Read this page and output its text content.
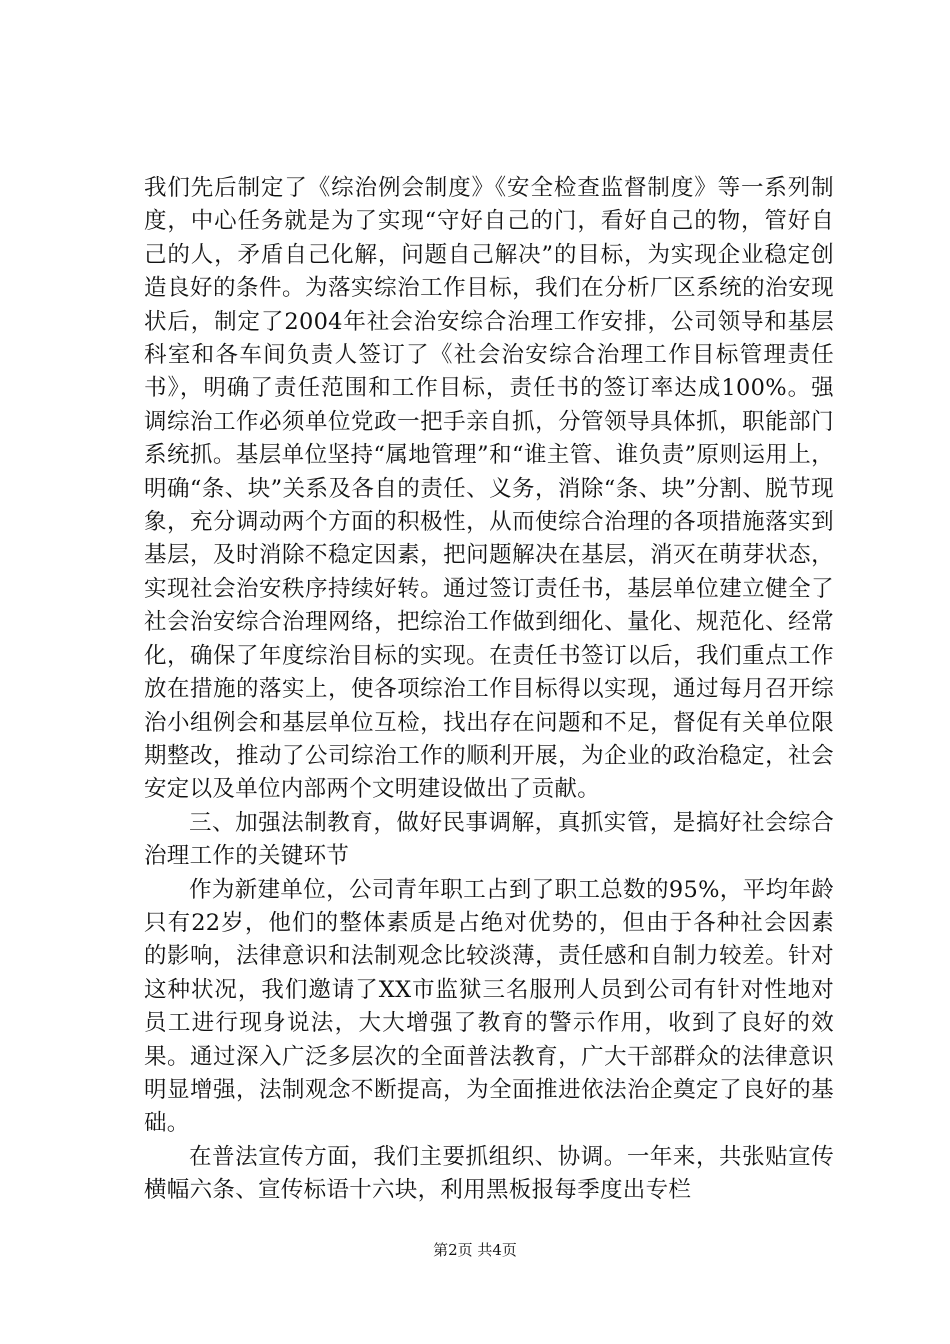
我们先后制定了《综治例会制度》《安全检查监督制度》等一系列制度，中心任务就是为了实现“守好自己的门，看好自己的物，管好自己的人，矛盾自己化解，问题自己解决”的目标，为实现企业稳定创造良好的条件。为落实综治工作目标，我们在分析厂区系统的治安现状后，制定了2004年社会治安综合治理工作安排，公司领导和基层科室和各车间负责人签订了《社会治安综合治理工作目标管理责任书》，明确了责任范围和工作目标，责任书的签订率达成100%。强调综治工作必须单位党政一把手亲自抓，分管领导具体抓，职能部门系统抓。基层单位坚持“属地管理”和“谁主管、谁负责”原则运用上，明确“条、块”关系及各自的责任、义务，消除“条、块”分割、脱节现象，充分调动两个方面的积极性，从而使综合治理的各项措施落实到基层，及时消除不稳定因素，把问题解决在基层，消灭在萌芽状态，实现社会治安秩序持续好转。通过签订责任书，基层单位建立健全了社会治安综合治理网络，把综治工作做到细化、量化、规范化、经常化，确保了年度综治目标的实现。在责任书签订以后，我们重点工作放在措施的落实上，使各项综治工作目标得以实现，通过每月召开综治小组例会和基层单位互检，找出存在问题和不足，督促有关单位限期整改，推动了公司综治工作的顺利开展，为企业的政治稳定，社会安定以及单位内部两个文明建设做出了贡献。

三、加强法制教育，做好民事调解，真抓实管，是搞好社会综合治理工作的关键环节

作为新建单位，公司青年职工占到了职工总数的95%，平均年龄只有22岁，他们的整体素质是占绝对优势的，但由于各种社会因素的影响，法律意识和法制观念比较淡薄，责任感和自制力较差。针对这种状况，我们邀请了XX市监狱三名服刑人员到公司有针对性地对员工进行现身说法，大大增强了教育的警示作用，收到了良好的效果。通过深入广泛多层次的全面普法教育，广大干部群众的法律意识明显增强，法制观念不断提高，为全面推进依法治企奠定了良好的基础。

在普法宣传方面，我们主要抓组织、协调。一年来，共张贴宣传横幅六条、宣传标语十六块，利用黑板报每季度出专栏

第2页 共4页
